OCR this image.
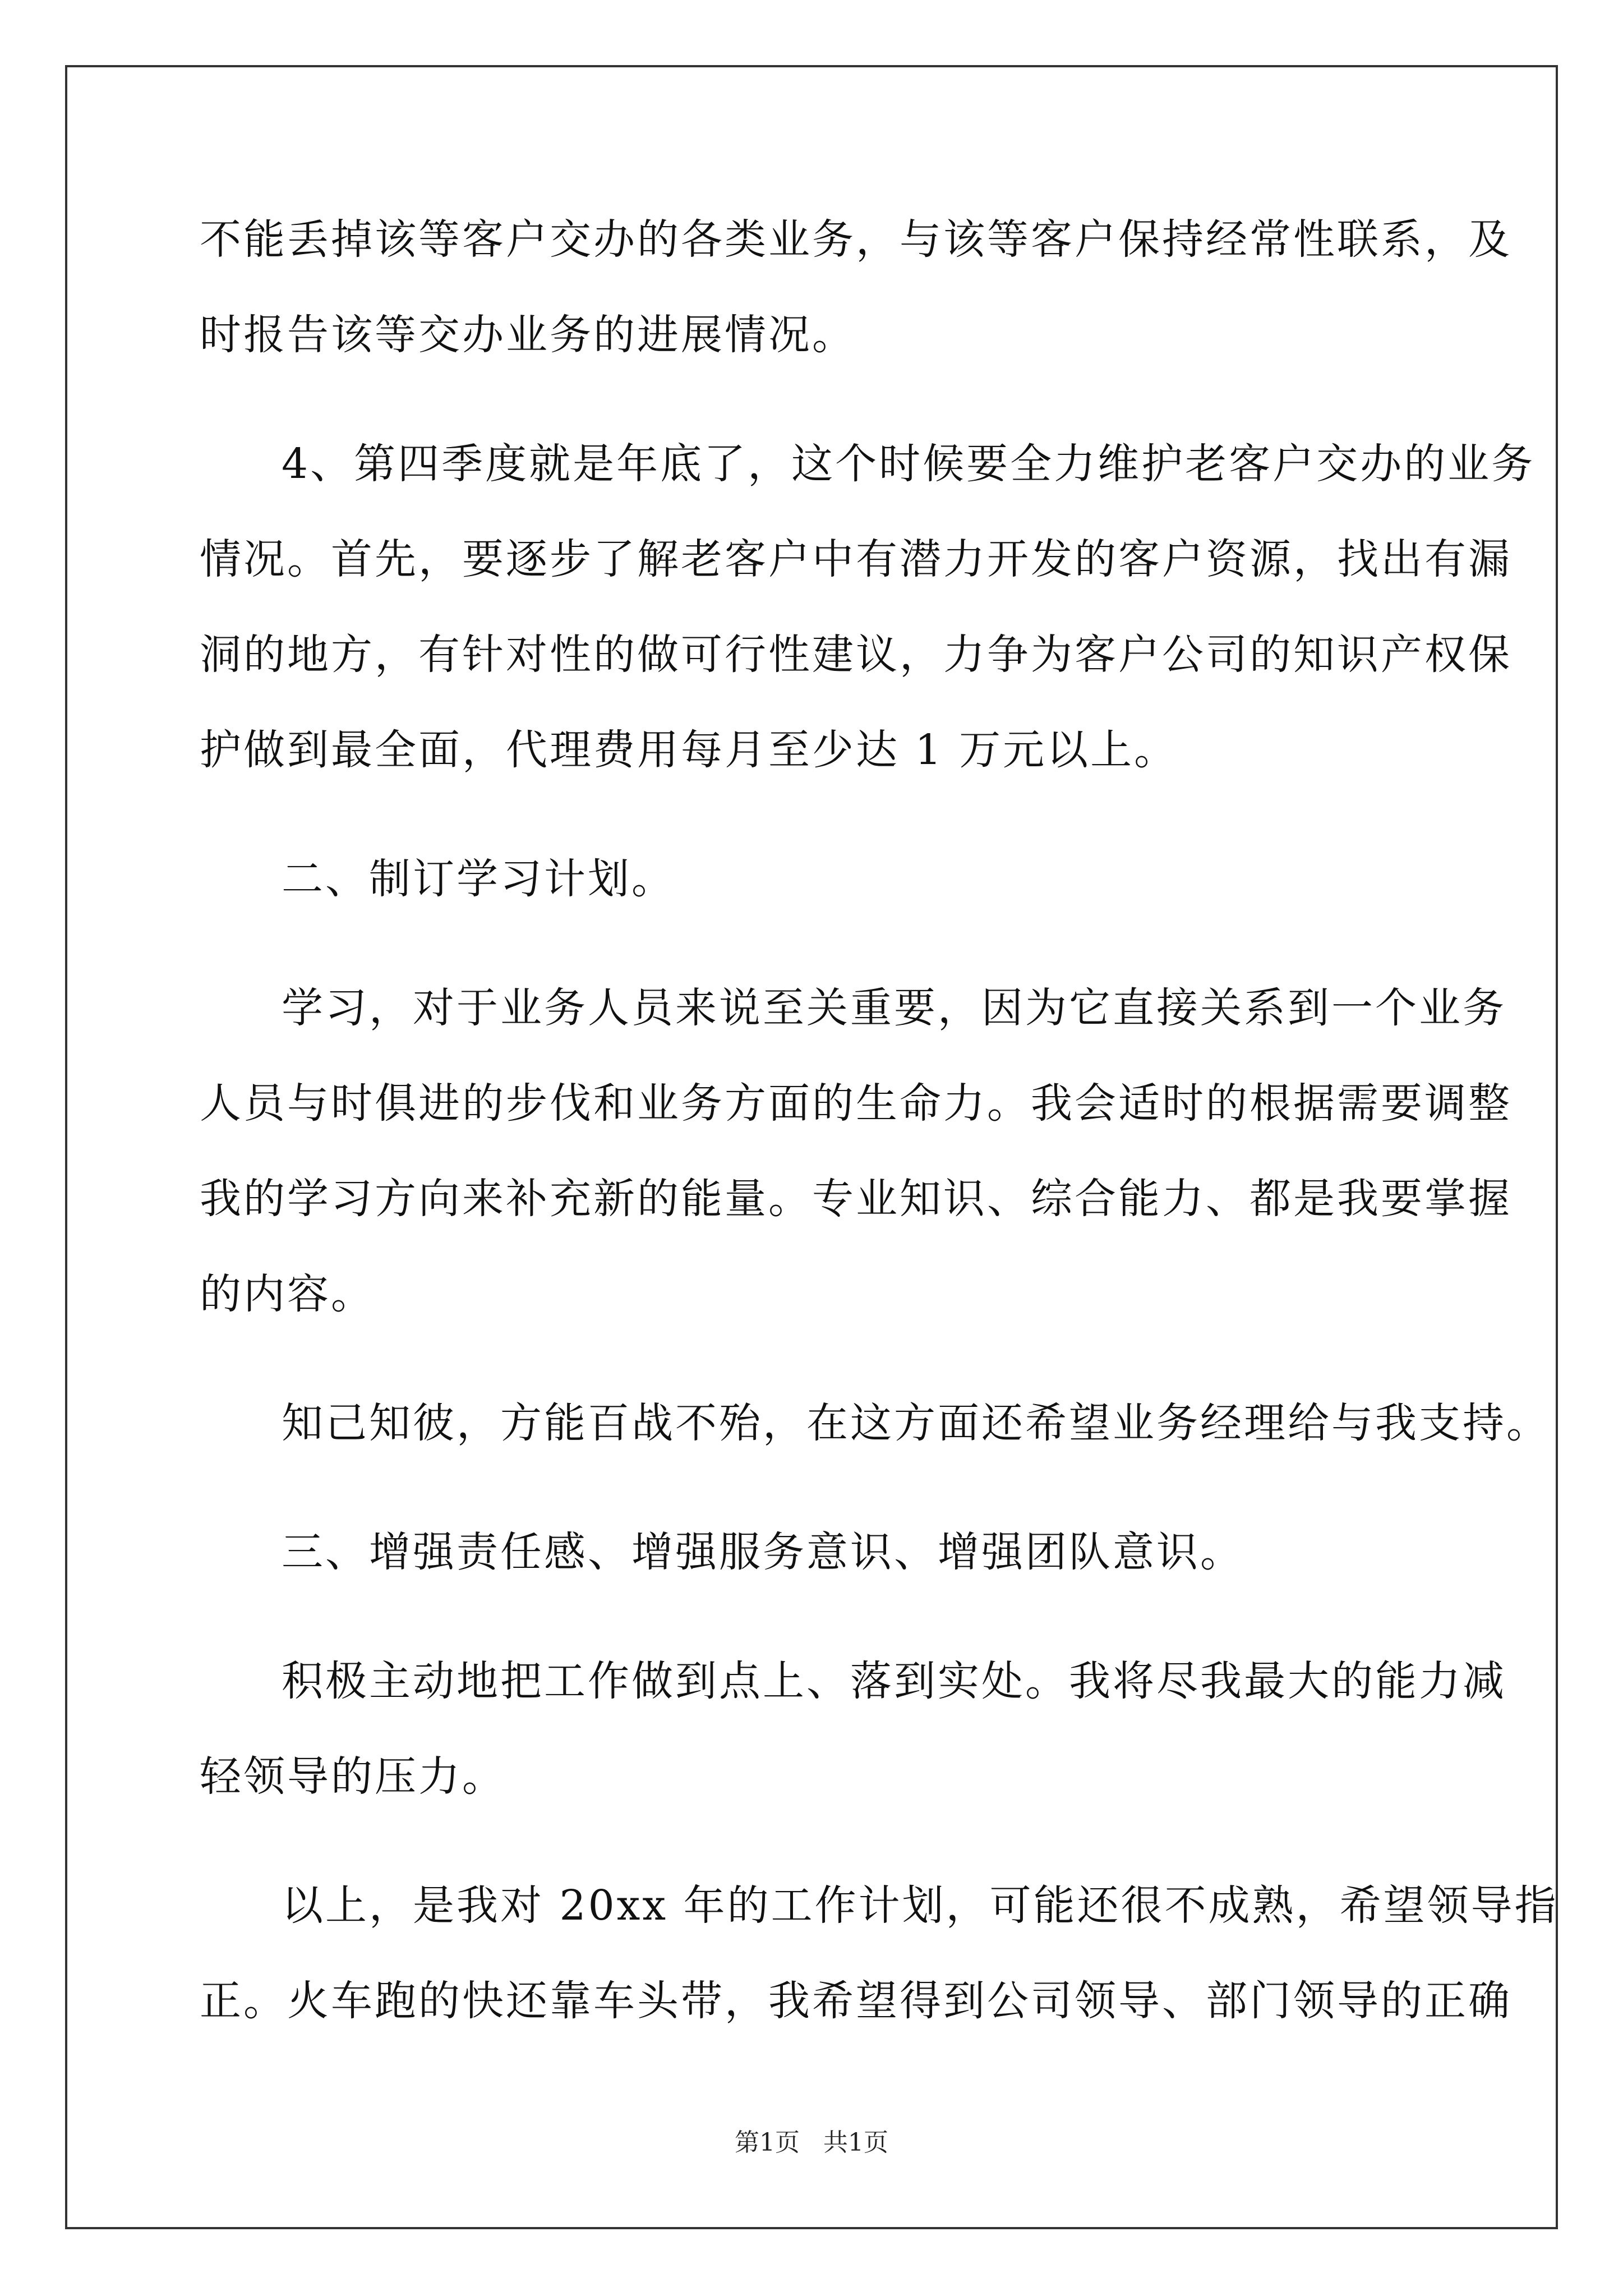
不能丢掉该等客户交办的各类业务，与该等客户保持经常性联系，及
时报告该等交办业务的进展情况。
4、第四季度就是年底了，这个时候要全力维护老客户交办的业务
情况。首先，要逐步了解老客户中有潜力开发的客户资源，找出有漏
洞的地方，有针对性的做可行性建议，力争为客户公司的知识产权保
护做到最全面，代理费用每月至少达 1 万元以上。
二、制订学习计划。
学习，对于业务人员来说至关重要，因为它直接关系到一个业务
人员与时俱进的步伐和业务方面的生命力。我会适时的根据需要调整
我的学习方向来补充新的能量。专业知识、综合能力、都是我要掌握
的内容。
知己知彼，方能百战不殆，在这方面还希望业务经理给与我支持。
三、增强责任感、增强服务意识、增强团队意识。
积极主动地把工作做到点上、落到实处。我将尽我最大的能力减
轻领导的压力。
以上，是我对 20xx 年的工作计划，可能还很不成熟，希望领导指
正。火车跑的快还靠车头带，我希望得到公司领导、部门领导的正确
第1页   共1页
